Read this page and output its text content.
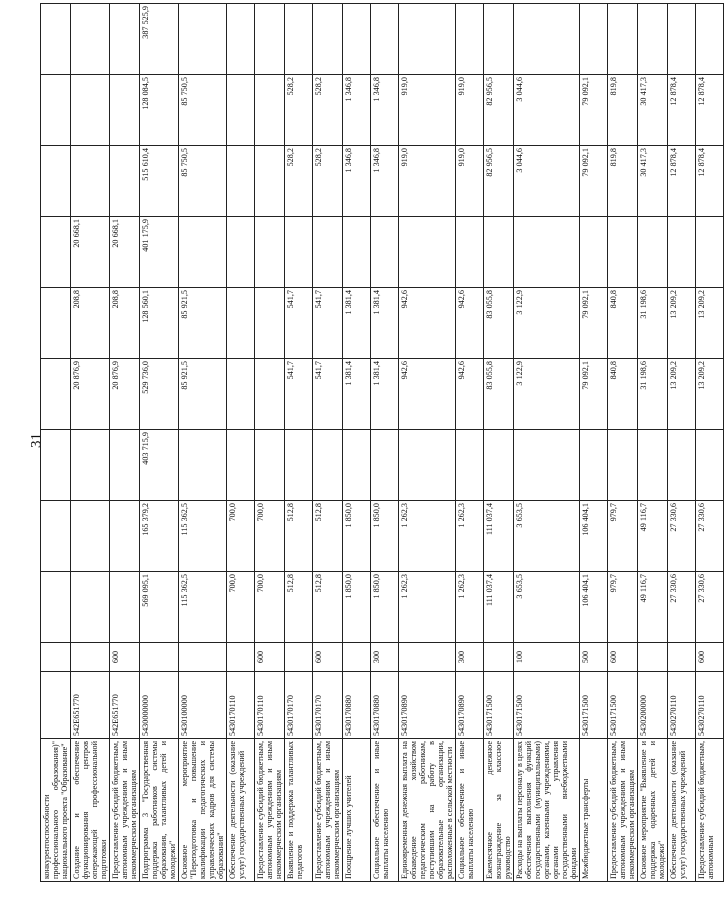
31
конкурентоспособности профессионального образования)" национального проекта "Образование"											
Создание и обеспечение функционирования центров опережающей профессиональной подготовки	542E651770					20 876,9	208,8	20 668,1			
Предоставление субсидий бюджетным, автономным учреждениям и иным некоммерческим организациям	542E651770	600				20 876,9	208,8	20 668,1			
Подпрограмма 3 "Государственная поддержка работников системы образования, талантливых детей и молодежи"	5430000000		569 095,1	165 379,2	403 715,9	529 736,0	128 560,1	401 175,9	515 610,4	128 084,5	387 525,9
Основное мероприятие "Переподготовка и повышение квалификации педагогических и управленческих кадров для системы образования"	5430100000		115 362,5	115 362,5		85 921,5	85 921,5		85 750,5	85 750,5	
Обеспечение деятельности (оказание услуг) государственных учреждений	5430170110		700,0	700,0							
Предоставление субсидий бюджетным, автономным учреждениям и иным некоммерческим организациям	5430170110	600	700,0	700,0							
Выявление и поддержка талантливых педагогов	5430170170		512,8	512,8		541,7	541,7		528,2	528,2	
Предоставление субсидий бюджетным, автономным учреждениям и иным некоммерческим организациям	5430170170	600	512,8	512,8		541,7	541,7		528,2	528,2	
Поощрение лучших учителей	5430170880		1 850,0	1 850,0		1 381,4	1 381,4		1 346,8	1 346,8	
Социальное обеспечение и иные выплаты населению	5430170880	300	1 850,0	1 850,0		1 381,4	1 381,4		1 346,8	1 346,8	
Единовременная денежная выплата на обзаведение хозяйством педагогическим работникам, поступившим на работу в образовательные организации, расположенные в сельской местности	5430170890		1 262,3	1 262,3		942,6	942,6		919,0	919,0	
Социальное обеспечение и иные выплаты населению	5430170890	300	1 262,3	1 262,3		942,6	942,6		919,0	919,0	
Ежемесячное денежное вознаграждение за классное руководство	5430171500		111 037,4	111 037,4		83 055,8	83 055,8		82 956,5	82 956,5	
Расходы на выплаты персоналу в целях обеспечения выполнения функций государственными (муниципальными) органами, казенными учреждениями, органами управления государственными внебюджетными фондами	5430171500	100	3 653,5	3 653,5		3 122,9	3 122,9		3 044,6	3 044,6	
Межбюджетные трансферты	5430171500	500	106 404,1	106 404,1		79 092,1	79 092,1		79 092,1	79 092,1	
Предоставление субсидий бюджетным, автономным учреждениям и иным некоммерческим организациям	5430171500	600	979,7	979,7		840,8	840,8		819,8	819,8	
Основное мероприятие "Выявление и поддержка одаренных детей и молодежи"	5430200000		49 116,7	49 116,7		31 198,6	31 198,6		30 417,3	30 417,3	
Обеспечение деятельности (оказание услуг) государственных учреждений	5430270110		27 330,6	27 330,6		13 209,2	13 209,2		12 878,4	12 878,4	
Предоставление субсидий бюджетным, автономным	5430270110	600	27 330,6	27 330,6		13 209,2	13 209,2		12 878,4	12 878,4	
